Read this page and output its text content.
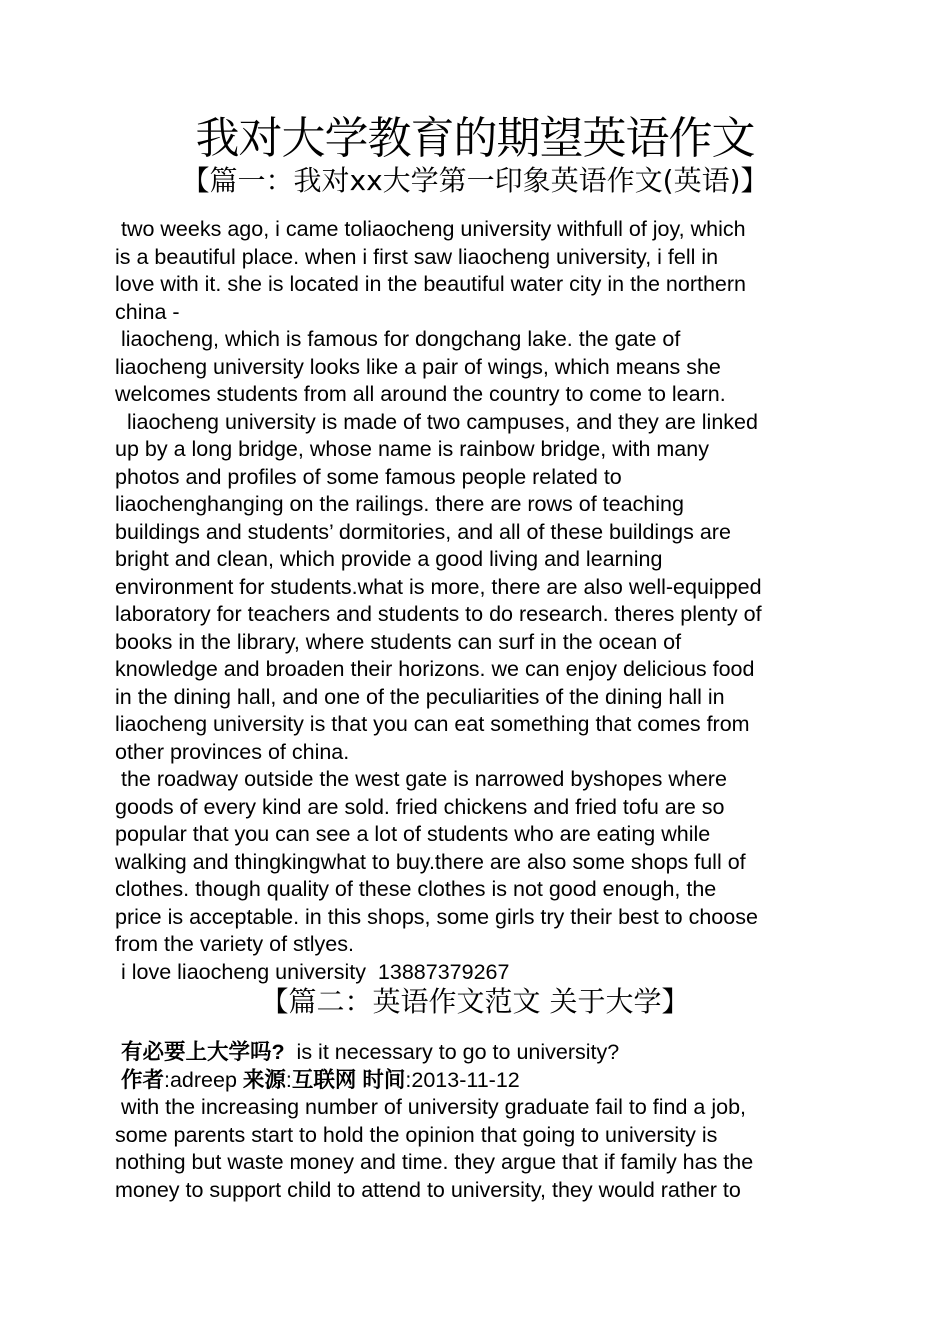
我对大学教育的期望英语作文
【篇一：我对xx大学第一印象英语作文(英语)】
two weeks ago, i came toliaocheng university withfull of joy, which
is a beautiful place. when i first saw liaocheng university, i fell in
love with it. she is located in the beautiful water city in the northern
china -
liaocheng, which is famous for dongchang lake. the gate of
liaocheng university looks like a pair of wings, which means she
welcomes students from all around the country to come to learn.
liaocheng university is made of two campuses, and they are linked
up by a long bridge, whose name is rainbow bridge, with many
photos and profiles of some famous people related to
liaochenghanging on the railings. there are rows of teaching
buildings and students’ dormitories, and all of these buildings are
bright and clean, which provide a good living and learning
environment for students.what is more, there are also well-equipped
laboratory for teachers and students to do research. theres plenty of
books in the library, where students can surf in the ocean of
knowledge and broaden their horizons. we can enjoy delicious food
in the dining hall, and one of the peculiarities of the dining hall in
liaocheng university is that you can eat something that comes from
other provinces of china.
the roadway outside the west gate is narrowed byshopes where
goods of every kind are sold. fried chickens and fried tofu are so
popular that you can see a lot of students who are eating while
walking and thingkingwhat to buy.there are also some shops full of
clothes. though quality of these clothes is not good enough, the
price is acceptable. in this shops, some girls try their best to choose
from the variety of stlyes.
i love liaocheng university  13887379267
【篇二：英语作文范文 关于大学】
有必要上大学吗?  is it necessary to go to university?
作者:adreep 来源:互联网 时间:2013-11-12
with the increasing number of university graduate fail to find a job,
some parents start to hold the opinion that going to university is
nothing but waste money and time. they argue that if family has the
money to support child to attend to university, they would rather to
